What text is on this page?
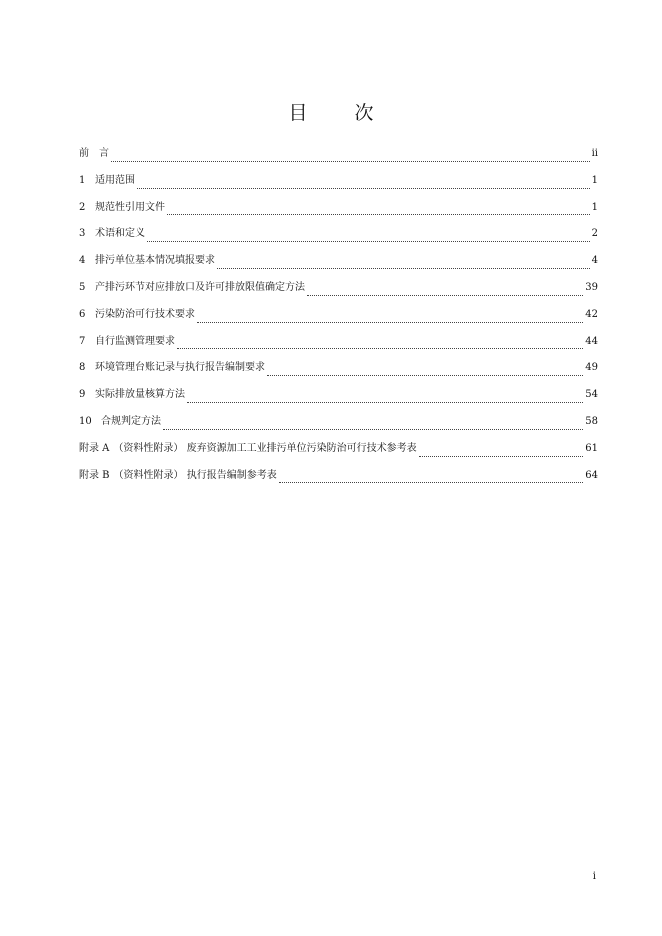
目　次
前　言	ii
1 适用范围	1
2 规范性引用文件	1
3 术语和定义	2
4 排污单位基本情况填报要求	4
5 产排污环节对应排放口及许可排放限值确定方法	39
6 污染防治可行技术要求	42
7 自行监测管理要求	44
8 环境管理台账记录与执行报告编制要求	49
9 实际排放量核算方法	54
10 合规判定方法	58
附录 A （资料性附录） 废弃资源加工工业排污单位污染防治可行技术参考表	61
附录 B （资料性附录） 执行报告编制参考表	64
i
